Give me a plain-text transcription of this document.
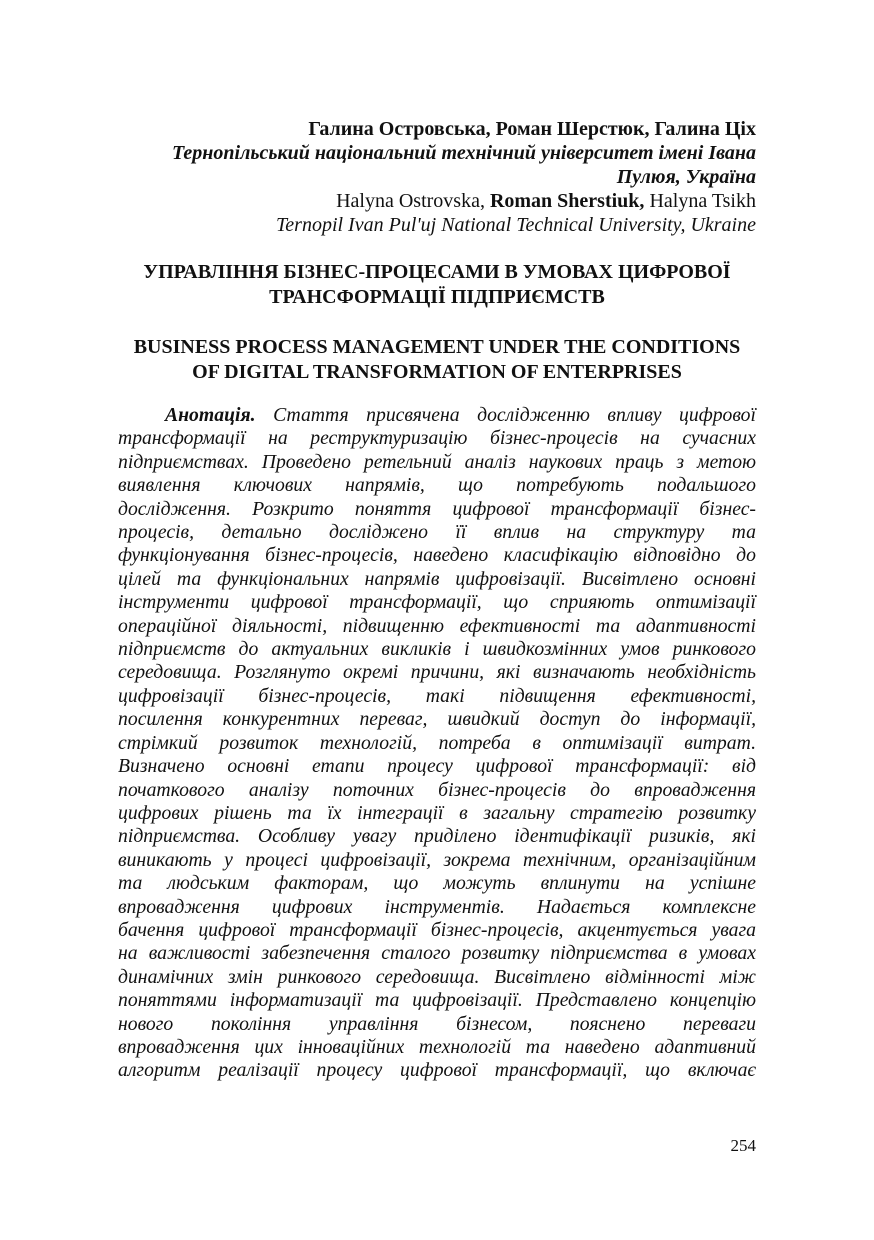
Галина Островська, Роман Шерстюк, Галина Ціх
Тернопільський національний технічний університет імені Івана
Пулюя, Україна
Halyna Ostrovska, Roman Sherstiuk, Halyna Tsikh
Ternopil Ivan Pul'uj National Technical University, Ukraine
УПРАВЛІННЯ БІЗНЕС-ПРОЦЕСАМИ В УМОВАХ ЦИФРОВОЇ
ТРАНСФОРМАЦІЇ ПІДПРИЄМСТВ
BUSINESS PROCESS MANAGEMENT UNDER THE CONDITIONS
OF DIGITAL TRANSFORMATION OF ENTERPRISES
Анотація. Стаття присвячена дослідженню впливу цифрової
трансформації на реструктуризацію бізнес-процесів на сучасних
підприємствах. Проведено ретельний аналіз наукових праць з метою
виявлення ключових напрямів, що потребують подальшого
дослідження. Розкрито поняття цифрової трансформації бізнес-
процесів, детально досліджено її вплив на структуру та
функціонування бізнес-процесів, наведено класифікацію відповідно до
цілей та функціональних напрямів цифровізації. Висвітлено основні
інструменти цифрової трансформації, що сприяють оптимізації
операційної діяльності, підвищенню ефективності та адаптивності
підприємств до актуальних викликів і швидкозмінних умов ринкового
середовища. Розглянуто окремі причини, які визначають необхідність
цифровізації бізнес-процесів, такі підвищення ефективності,
посилення конкурентних переваг, швидкий доступ до інформації,
стрімкий розвиток технологій, потреба в оптимізації витрат.
Визначено основні етапи процесу цифрової трансформації: від
початкового аналізу поточних бізнес-процесів до впровадження
цифрових рішень та їх інтеграції в загальну стратегію розвитку
підприємства. Особливу увагу приділено ідентифікації ризиків, які
виникають у процесі цифровізації, зокрема технічним, організаційним
та людським факторам, що можуть вплинути на успішне
впровадження цифрових інструментів. Надається комплексне
бачення цифрової трансформації бізнес-процесів, акцентується увага
на важливості забезпечення сталого розвитку підприємства в умовах
динамічних змін ринкового середовища. Висвітлено відмінності між
поняттями інформатизації та цифровізації. Представлено концепцію
нового покоління управління бізнесом, пояснено переваги
впровадження цих інноваційних технологій та наведено адаптивний
алгоритм реалізації процесу цифрової трансформації, що включає
254
